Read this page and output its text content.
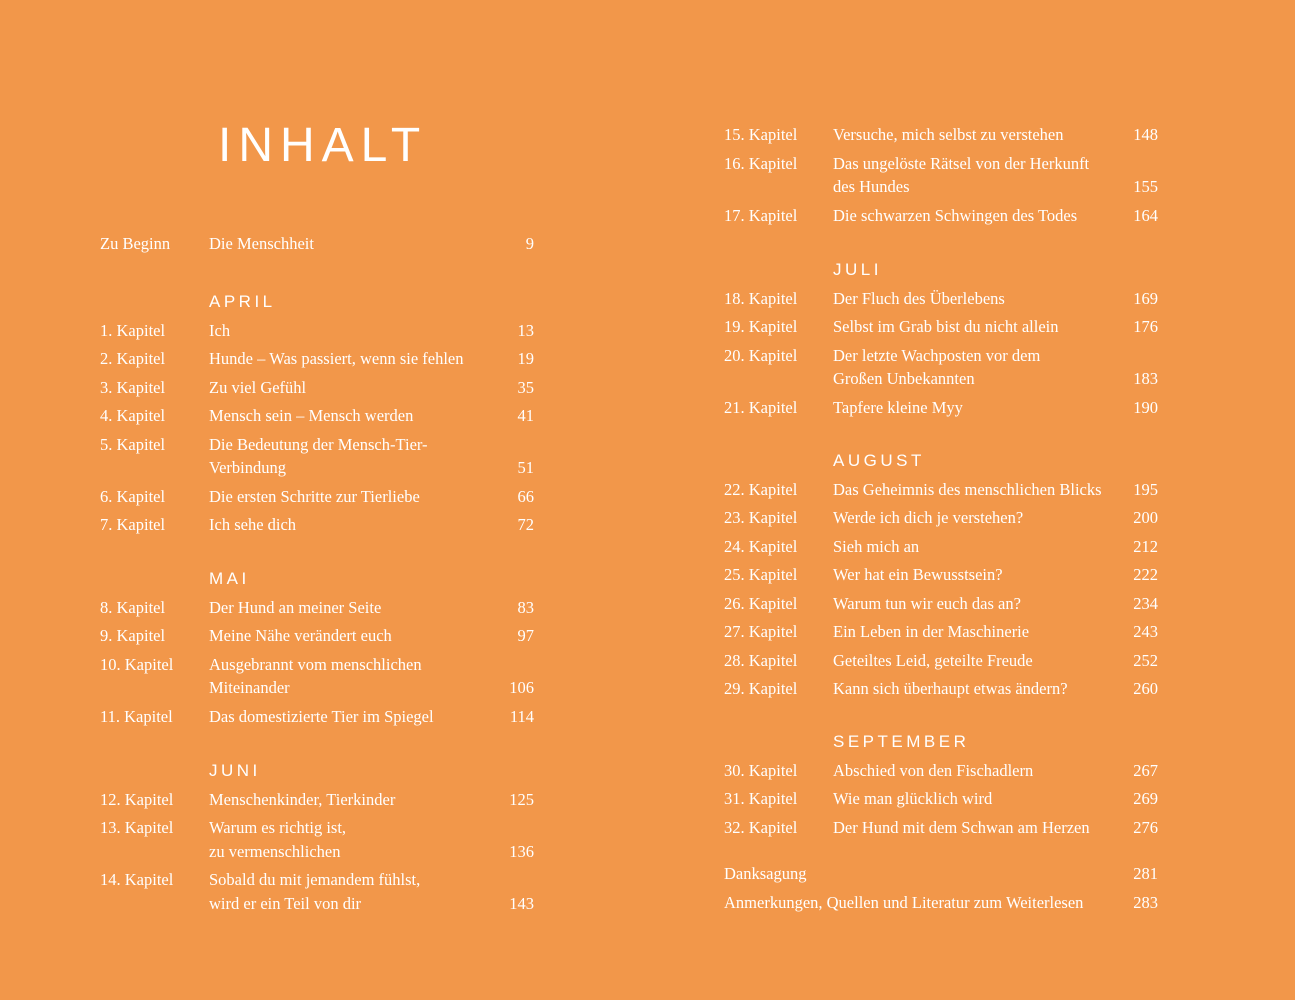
INHALT
Zu Beginn Die Menschheit	9
APRIL
1. Kapitel	Ich	13
2. Kapitel	Hunde – Was passiert, wenn sie fehlen	19
3. Kapitel	Zu viel Gefühl	35
4. Kapitel	Mensch sein – Mensch werden	41
5. Kapitel	Die Bedeutung der Mensch-Tier-
Verbindung	51
6. Kapitel	Die ersten Schritte zur Tierliebe	66
7. Kapitel	Ich sehe dich	72
MAI
8. Kapitel	Der Hund an meiner Seite	83
9. Kapitel	Meine Nähe verändert euch	97
10. Kapitel Ausgebrannt vom menschlichen
Miteinander	106
11. Kapitel Das domestizierte Tier im Spiegel	114
JUNI
12. Kapitel Menschenkinder, Tierkinder	125
13. Kapitel Warum es richtig ist,
zu vermenschlichen	136
14. Kapitel Sobald du mit jemandem fühlst,
wird er ein Teil von dir	143
15. Kapitel Versuche, mich selbst zu verstehen	148
16. Kapitel Das ungelöste Rätsel von der Herkunft
des Hundes	155
17. Kapitel Die schwarzen Schwingen des Todes	164
JULI
18. Kapitel Der Fluch des Überlebens	169
19. Kapitel Selbst im Grab bist du nicht allein	176
20. Kapitel Der letzte Wachposten vor dem
Großen Unbekannten	183
21. Kapitel Tapfere kleine Myy	190
AUGUST
22. Kapitel Das Geheimnis des menschlichen Blicks	195
23. Kapitel Werde ich dich je verstehen?	200
24. Kapitel Sieh mich an	212
25. Kapitel Wer hat ein Bewusstsein?	222
26. Kapitel Warum tun wir euch das an?	234
27. Kapitel Ein Leben in der Maschinerie	243
28. Kapitel Geteiltes Leid, geteilte Freude	252
29. Kapitel Kann sich überhaupt etwas ändern?	260
SEPTEMBER
30. Kapitel Abschied von den Fischadlern	267
31. Kapitel Wie man glücklich wird	269
32. Kapitel Der Hund mit dem Schwan am Herzen	276
Danksagung	281
Anmerkungen, Quellen und Literatur zum Weiterlesen	283
